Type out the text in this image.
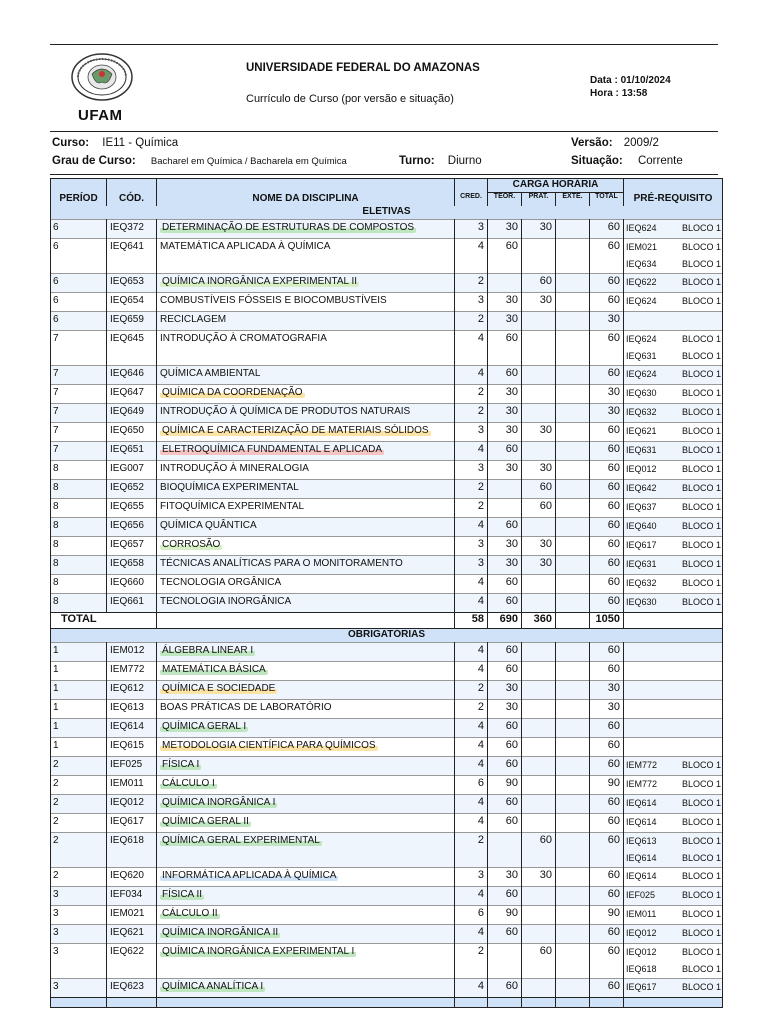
UFAM
UNIVERSIDADE FEDERAL DO AMAZONAS
Currículo de Curso (por versão e situação)
Data : 01/10/2024
Hora : 13:58
Curso: IE11 - Química	Versão: 2009/2
Grau de Curso: Bacharel em Química / Bacharela em Química	Turno: Diurno	Situação: Corrente
PERÍOD	CÓD.	NOME DA DISCIPLINA		CARGA HORÁRIA				PRÉ-REQUISITO
			CRÉD.	TEOR.	PRAT.	EXTE.	TOTAL	
ELETIVAS								

6	IEQ372	DETERMINAÇÃO DE ESTRUTURAS DE COMPOSTOS	3	30	30		60	IEQ624 BLOCO 1

6	IEQ641	MATEMÁTICA APLICADA À QUÍMICA	4	60			60	IEM021 BLOCO 1
IEQ634 BLOCO 1

6	IEQ653	QUÍMICA INORGÂNICA EXPERIMENTAL II	2		60		60	IEQ622 BLOCO 1

6	IEQ654	COMBUSTÍVEIS FÓSSEIS E BIOCOMBUSTÍVEIS	3	30	30		60	IEQ624 BLOCO 1

6	IEQ659	RECICLAGEM	2	30			30	

7	IEQ645	INTRODUÇÃO À CROMATOGRAFIA	4	60			60	IEQ624 BLOCO 1
IEQ631 BLOCO 1

7	IEQ646	QUÍMICA AMBIENTAL	4	60			60	IEQ624 BLOCO 1

7	IEQ647	QUÍMICA DA COORDENAÇÃO	2	30			30	IEQ630 BLOCO 1

7	IEQ649	INTRODUÇÃO À QUÍMICA DE PRODUTOS NATURAIS	2	30			30	IEQ632 BLOCO 1

7	IEQ650	QUÍMICA E CARACTERIZAÇÃO DE MATERIAIS SÓLIDOS	3	30	30		60	IEQ621 BLOCO 1

7	IEQ651	ELETROQUÍMICA FUNDAMENTAL E APLICADA	4	60			60	IEQ631 BLOCO 1

8	IEG007	INTRODUÇÃO À MINERALOGIA	3	30	30		60	IEQ012 BLOCO 1

8	IEQ652	BIOQUÍMICA EXPERIMENTAL	2		60		60	IEQ642 BLOCO 1

8	IEQ655	FITOQUÍMICA EXPERIMENTAL	2		60		60	IEQ637 BLOCO 1

8	IEQ656	QUÍMICA QUÂNTICA	4	60			60	IEQ640 BLOCO 1

8	IEQ657	CORROSÃO	3	30	30		60	IEQ617 BLOCO 1

8	IEQ658	TÉCNICAS ANALÍTICAS PARA O MONITORAMENTO	3	30	30		60	IEQ631 BLOCO 1

8	IEQ660	TECNOLOGIA ORGÂNICA	4	60			60	IEQ632 BLOCO 1

8	IEQ661	TECNOLOGIA INORGÂNICA	4	60			60	IEQ630 BLOCO 1

TOTAL			58	690	360		1050	
OBRIGATÓRIAS								

1	IEM012	ÁLGEBRA LINEAR I	4	60			60	

1	IEM772	MATEMÁTICA BÁSICA	4	60			60	

1	IEQ612	QUÍMICA E SOCIEDADE	2	30			30	

1	IEQ613	BOAS PRÁTICAS DE LABORATÓRIO	2	30			30	

1	IEQ614	QUÍMICA GERAL I	4	60			60	

1	IEQ615	METODOLOGIA CIENTÍFICA PARA QUÍMICOS	4	60			60	

2	IEF025	FÍSICA I	4	60			60	IEM772 BLOCO 1

2	IEM011	CÁLCULO I	6	90			90	IEM772 BLOCO 1

2	IEQ012	QUÍMICA INORGÂNICA I	4	60			60	IEQ614 BLOCO 1

2	IEQ617	QUÍMICA GERAL II	4	60			60	IEQ614 BLOCO 1

2	IEQ618	QUÍMICA GERAL EXPERIMENTAL	2		60		60	IEQ613 BLOCO 1
IEQ614 BLOCO 1

2	IEQ620	INFORMÁTICA APLICADA À QUÍMICA	3	30	30		60	IEQ614 BLOCO 1

3	IEF034	FÍSICA II	4	60			60	IEF025 BLOCO 1

3	IEM021	CÁLCULO II	6	90			90	IEM011 BLOCO 1

3	IEQ621	QUÍMICA INORGÂNICA II	4	60			60	IEQ012 BLOCO 1

3	IEQ622	QUÍMICA INORGÂNICA EXPERIMENTAL I	2		60		60	IEQ012 BLOCO 1
IEQ618 BLOCO 1

3	IEQ623	QUÍMICA ANALÍTICA I	4	60			60	IEQ617 BLOCO 1
